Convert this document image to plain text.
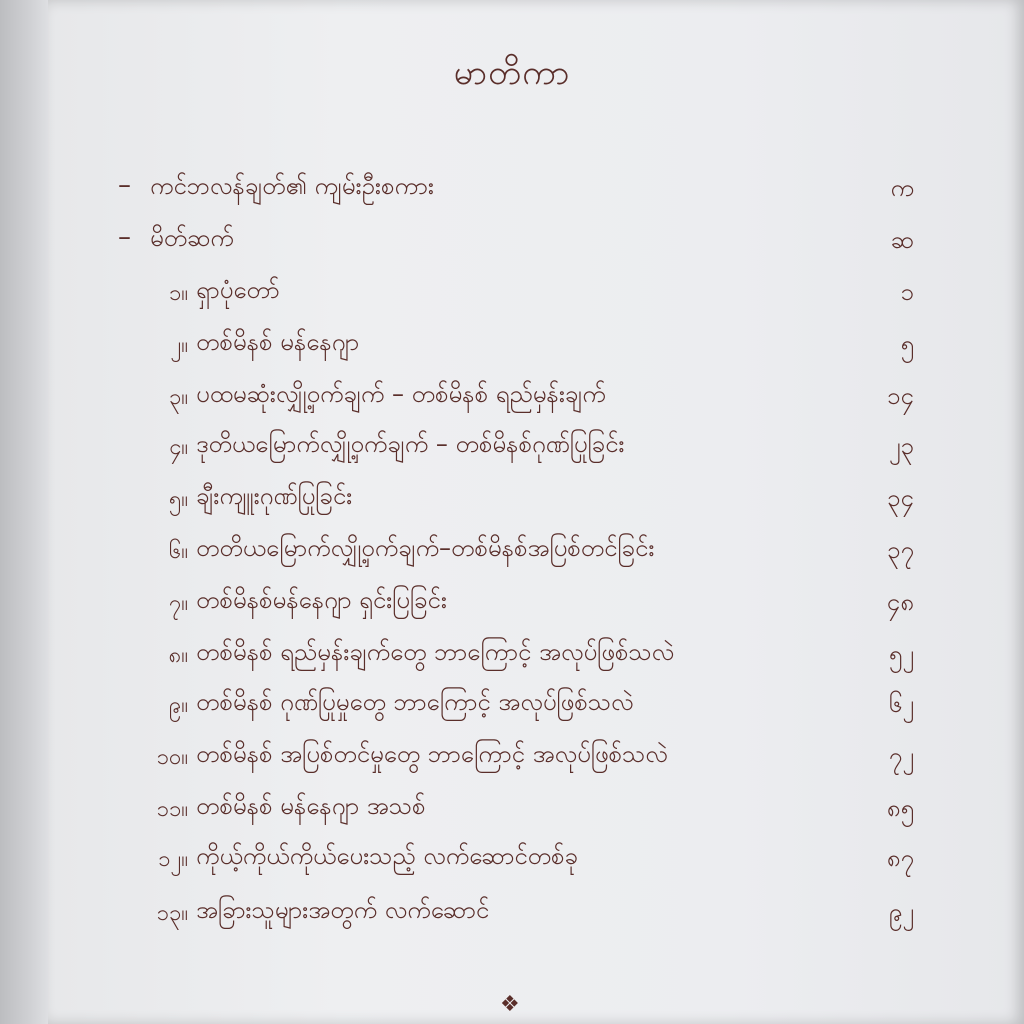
မာတိကာ
– ကင်ဘလန်ချတ်၏ ကျမ်းဦးစကား	က
– မိတ်ဆက်	ဆ
၁။ ရှာပုံတော်	၁
၂။ တစ်မိနစ် မန်နေဂျာ	၅
၃။ ပထမဆုံးလျှို့ဝှက်ချက် – တစ်မိနစ် ရည်မှန်းချက်	၁၄
၄။ ဒုတိယမြောက်လျှို့ဝှက်ချက် – တစ်မိနစ်ဂုဏ်ပြုခြင်း	၂၃
၅။ ချီးကျူးဂုဏ်ပြုခြင်း	၃၄
၆။ တတိယမြောက်လျှို့ဝှက်ချက်–တစ်မိနစ်အပြစ်တင်ခြင်း	၃၇
၇။ တစ်မိနစ်မန်နေဂျာ ရှင်းပြခြင်း	၄၈
၈။ တစ်မိနစ် ရည်မှန်းချက်တွေ ဘာကြောင့် အလုပ်ဖြစ်သလဲ	၅၂
၉။ တစ်မိနစ် ဂုဏ်ပြုမှုတွေ ဘာကြောင့် အလုပ်ဖြစ်သလဲ	၆၂
၁၀။ တစ်မိနစ် အပြစ်တင်မှုတွေ ဘာကြောင့် အလုပ်ဖြစ်သလဲ	၇၂
၁၁။ တစ်မိနစ် မန်နေဂျာ အသစ်	၈၅
၁၂။ ကိုယ့်ကိုယ်ကိုယ်ပေးသည့် လက်ဆောင်တစ်ခု	၈၇
၁၃။ အခြားသူများအတွက် လက်ဆောင်	၉၂
❖
